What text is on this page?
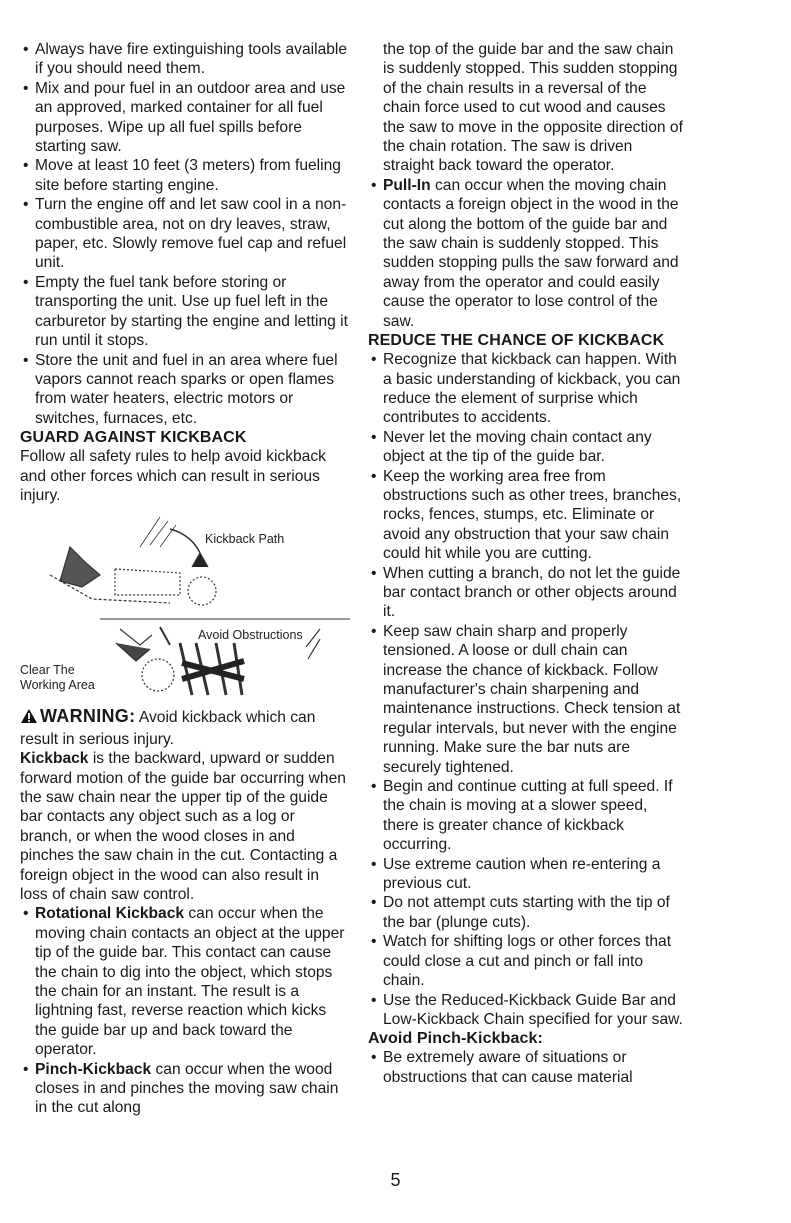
• Always have fire extinguishing tools available if you should need them.
• Mix and pour fuel in an outdoor area and use an approved, marked container for all fuel purposes. Wipe up all fuel spills before starting saw.
• Move at least 10 feet (3 meters) from fueling site before starting engine.
• Turn the engine off and let saw cool in a non-combustible area, not on dry leaves, straw, paper, etc. Slowly remove fuel cap and refuel unit.
• Empty the fuel tank before storing or transporting the unit. Use up fuel left in the carburetor by starting the engine and letting it run until it stops.
• Store the unit and fuel in an area where fuel vapors cannot reach sparks or open flames from water heaters, electric motors or switches, furnaces, etc.
GUARD AGAINST KICKBACK

Follow all safety rules to help avoid kickback and other forces which can result in serious injury.

Kickback Path
Avoid Obstructions
Clear The
Working Area

WARNING: Avoid kickback which can result in serious injury.

Kickback is the backward, upward or sudden forward motion of the guide bar occurring when the saw chain near the upper tip of the guide bar contacts any object such as a log or branch, or when the wood closes in and pinches the saw chain in the cut. Contacting a foreign object in the wood can also result in loss of chain saw control.

• Rotational Kickback can occur when the moving chain contacts an object at the upper tip of the guide bar. This contact can cause the chain to dig into the object, which stops the chain for an instant. The result is a lightning fast, reverse reaction which kicks the guide bar up and back toward the operator.
• Pinch-Kickback can occur when the wood closes in and pinches the moving saw chain in the cut along

the top of the guide bar and the saw chain is suddenly stopped. This sudden stopping of the chain results in a reversal of the chain force used to cut wood and causes the saw to move in the opposite direction of the chain rotation. The saw is driven straight back toward the operator.

• Pull-In can occur when the moving chain contacts a foreign object in the wood in the cut along the bottom of the guide bar and the saw chain is suddenly stopped. This sudden stopping pulls the saw forward and away from the operator and could easily cause the operator to lose control of the saw.
REDUCE THE CHANCE OF KICKBACK
• Recognize that kickback can happen. With a basic understanding of kickback, you can reduce the element of surprise which contributes to accidents.
• Never let the moving chain contact any object at the tip of the guide bar.
• Keep the working area free from obstructions such as other trees, branches, rocks, fences, stumps, etc. Eliminate or avoid any obstruction that your saw chain could hit while you are cutting.
• When cutting a branch, do not let the guide bar contact branch or other objects around it.
• Keep saw chain sharp and properly tensioned. A loose or dull chain can increase the chance of kickback. Follow manufacturer's chain sharpening and maintenance instructions. Check tension at regular intervals, but never with the engine running. Make sure the bar nuts are securely tightened.
• Begin and continue cutting at full speed. If the chain is moving at a slower speed, there is greater chance of kickback occurring.
• Use extreme caution when re-entering a previous cut.
• Do not attempt cuts starting with the tip of the bar (plunge cuts).
• Watch for shifting logs or other forces that could close a cut and pinch or fall into chain.
• Use the Reduced-Kickback Guide Bar and Low-Kickback Chain specified for your saw.
Avoid Pinch-Kickback:
• Be extremely aware of situations or obstructions that can cause material
5
